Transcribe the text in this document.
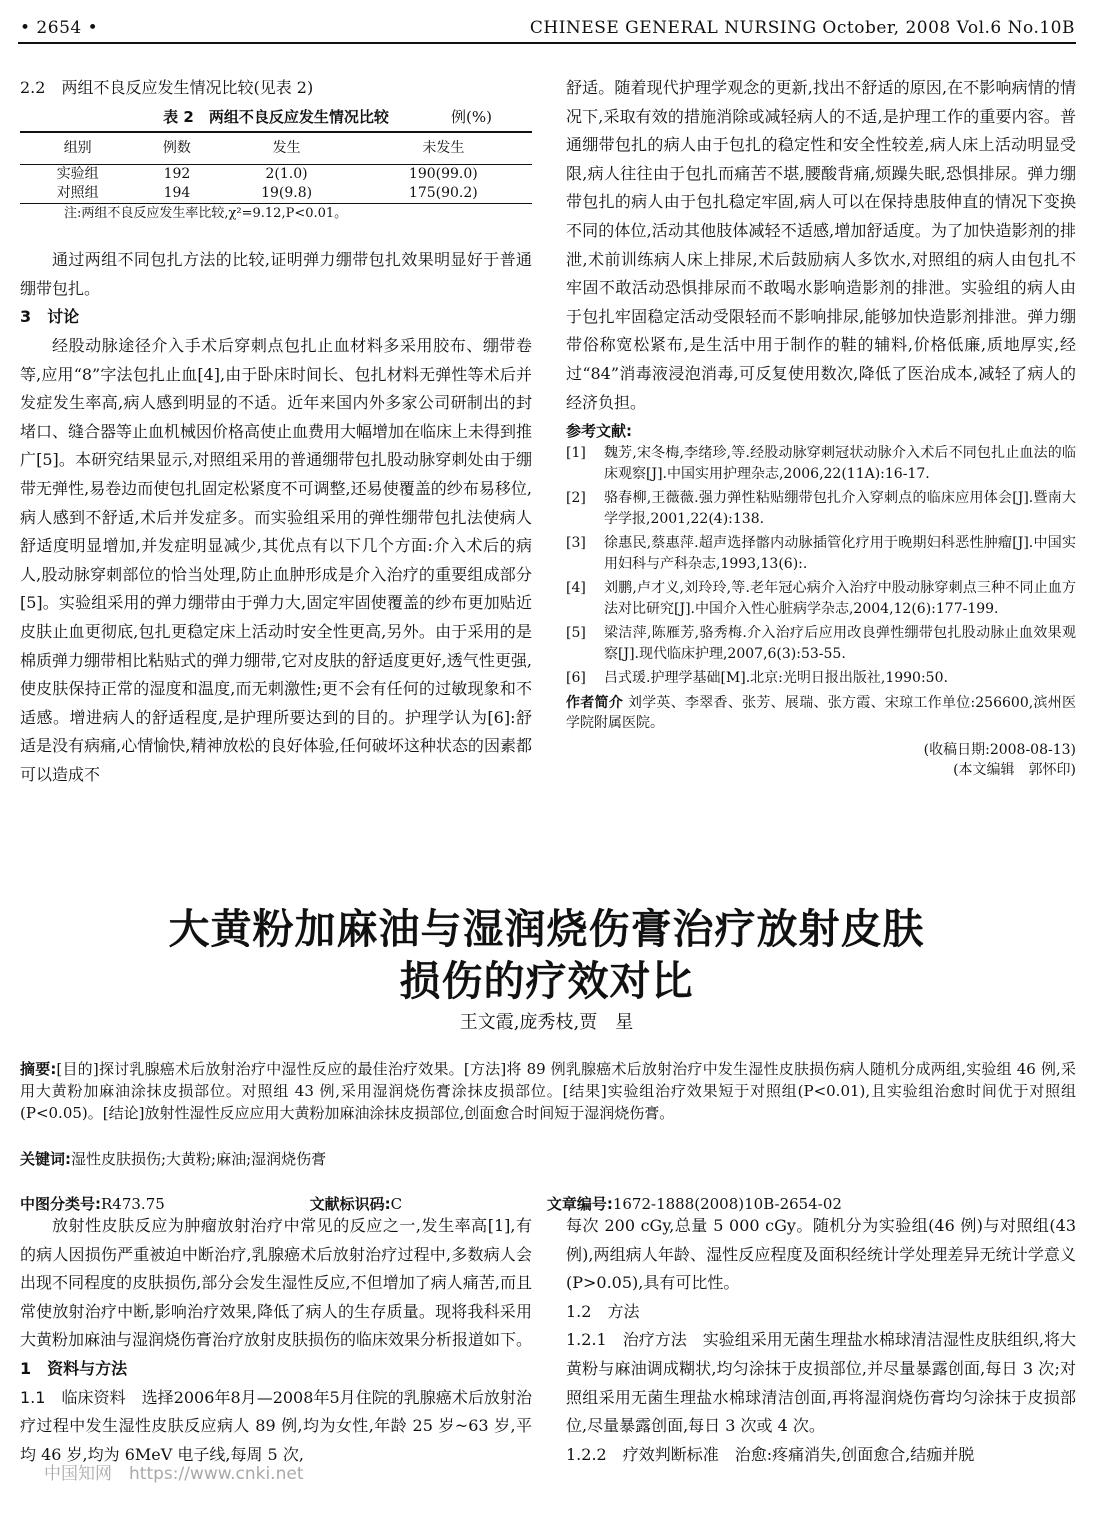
• 2654 •	CHINESE GENERAL NURSING October, 2008 Vol.6 No.10B
2.2　两组不良反应发生情况比较(见表 2)
表 2　两组不良反应发生情况比较	例(%)
组别	例数	发生	未发生
实验组	192	2(1.0)	190(99.0)
对照组	194	19(9.8)	175(90.2)
注:两组不良反应发生率比较,χ²=9.12,P<0.01。

通过两组不同包扎方法的比较,证明弹力绷带包扎效果明显好于普通绷带包扎。

3　讨论

经股动脉途径介入手术后穿刺点包扎止血材料多采用胶布、绷带卷等,应用“8”字法包扎止血[4],由于卧床时间长、包扎材料无弹性等术后并发症发生率高,病人感到明显的不适。近年来国内外多家公司研制出的封堵口、缝合器等止血机械因价格高使止血费用大幅增加在临床上未得到推广[5]。本研究结果显示,对照组采用的普通绷带包扎股动脉穿刺处由于绷带无弹性,易卷边而使包扎固定松紧度不可调整,还易使覆盖的纱布易移位,病人感到不舒适,术后并发症多。而实验组采用的弹性绷带包扎法使病人舒适度明显增加,并发症明显减少,其优点有以下几个方面:介入术后的病人,股动脉穿刺部位的恰当处理,防止血肿形成是介入治疗的重要组成部分[5]。实验组采用的弹力绷带由于弹力大,固定牢固使覆盖的纱布更加贴近皮肤止血更彻底,包扎更稳定床上活动时安全性更高,另外。由于采用的是棉质弹力绷带相比粘贴式的弹力绷带,它对皮肤的舒适度更好,透气性更强,使皮肤保持正常的湿度和温度,而无刺激性;更不会有任何的过敏现象和不适感。增进病人的舒适程度,是护理所要达到的目的。护理学认为[6]:舒适是没有病痛,心情愉快,精神放松的良好体验,任何破坏这种状态的因素都可以造成不

舒适。随着现代护理学观念的更新,找出不舒适的原因,在不影响病情的情况下,采取有效的措施消除或减轻病人的不适,是护理工作的重要内容。普通绷带包扎的病人由于包扎的稳定性和安全性较差,病人床上活动明显受限,病人往往由于包扎而痛苦不堪,腰酸背痛,烦躁失眠,恐惧排尿。弹力绷带包扎的病人由于包扎稳定牢固,病人可以在保持患肢伸直的情况下变换不同的体位,活动其他肢体减轻不适感,增加舒适度。为了加快造影剂的排泄,术前训练病人床上排尿,术后鼓励病人多饮水,对照组的病人由包扎不牢固不敢活动恐惧排尿而不敢喝水影响造影剂的排泄。实验组的病人由于包扎牢固稳定活动受限轻而不影响排尿,能够加快造影剂排泄。弹力绷带俗称宽松紧布,是生活中用于制作的鞋的辅料,价格低廉,质地厚实,经过“84”消毒液浸泡消毒,可反复使用数次,降低了医治成本,减轻了病人的经济负担。

参考文献:
[1]	魏芳,宋冬梅,李绪珍,等.经股动脉穿刺冠状动脉介入术后不同包扎止血法的临床观察[J].中国实用护理杂志,2006,22(11A):16-17.
[2]	骆春柳,王薇薇.强力弹性粘贴绷带包扎介入穿刺点的临床应用体会[J].暨南大学学报,2001,22(4):138.
[3]	徐惠民,蔡惠萍.超声选择髂内动脉插管化疗用于晚期妇科恶性肿瘤[J].中国实用妇科与产科杂志,1993,13(6):.
[4]	刘鹏,卢才义,刘玲玲,等.老年冠心病介入治疗中股动脉穿刺点三种不同止血方法对比研究[J].中国介入性心脏病学杂志,2004,12(6):177-199.
[5]	梁洁萍,陈雁芳,骆秀梅.介入治疗后应用改良弹性绷带包扎股动脉止血效果观察[J].现代临床护理,2007,6(3):53-55.
[6]	吕式瑗.护理学基础[M].北京:光明日报出版社,1990:50.
作者简介 刘学英、李翠香、张芳、展瑞、张方霞、宋琼工作单位:256600,滨州医学院附属医院。
(收稿日期:2008-08-13)
(本文编辑　郭怀印)
大黄粉加麻油与湿润烧伤膏治疗放射皮肤
损伤的疗效对比
王文霞,庞秀枝,贾　星
摘要:[目的]探讨乳腺癌术后放射治疗中湿性反应的最佳治疗效果。[方法]将 89 例乳腺癌术后放射治疗中发生湿性皮肤损伤病人随机分成两组,实验组 46 例,采用大黄粉加麻油涂抹皮损部位。对照组 43 例,采用湿润烧伤膏涂抹皮损部位。[结果]实验组治疗效果短于对照组(P<0.01),且实验组治愈时间优于对照组(P<0.05)。[结论]放射性湿性反应应用大黄粉加麻油涂抹皮损部位,创面愈合时间短于湿润烧伤膏。
关键词:湿性皮肤损伤;大黄粉;麻油;湿润烧伤膏
中图分类号:R473.75	文献标识码:C	文章编号:1672-1888(2008)10B-2654-02

放射性皮肤反应为肿瘤放射治疗中常见的反应之一,发生率高[1],有的病人因损伤严重被迫中断治疗,乳腺癌术后放射治疗过程中,多数病人会出现不同程度的皮肤损伤,部分会发生湿性反应,不但增加了病人痛苦,而且常使放射治疗中断,影响治疗效果,降低了病人的生存质量。现将我科采用大黄粉加麻油与湿润烧伤膏治疗放射皮肤损伤的临床效果分析报道如下。

1　资料与方法

1.1　临床资料　 选择2006年8月—2008年5月住院的乳腺癌术后放射治疗过程中发生湿性皮肤反应病人 89 例,均为女性,年龄 25 岁~63 岁,平均 46 岁,均为 6MeV 电子线,每周 5 次,

每次 200 cGy,总量 5 000 cGy。随机分为实验组(46 例)与对照组(43 例),两组病人年龄、湿性反应程度及面积经统计学处理差异无统计学意义(P>0.05),具有可比性。

1.2　方法

1.2.1　治疗方法　 实验组采用无菌生理盐水棉球清洁湿性皮肤组织,将大黄粉与麻油调成糊状,均匀涂抹于皮损部位,并尽量暴露创面,每日 3 次;对照组采用无菌生理盐水棉球清洁创面,再将湿润烧伤膏均匀涂抹于皮损部位,尽量暴露创面,每日 3 次或 4 次。

1.2.2　疗效判断标准　 治愈:疼痛消失,创面愈合,结痂并脱

中国知网　https://www.cnki.net
